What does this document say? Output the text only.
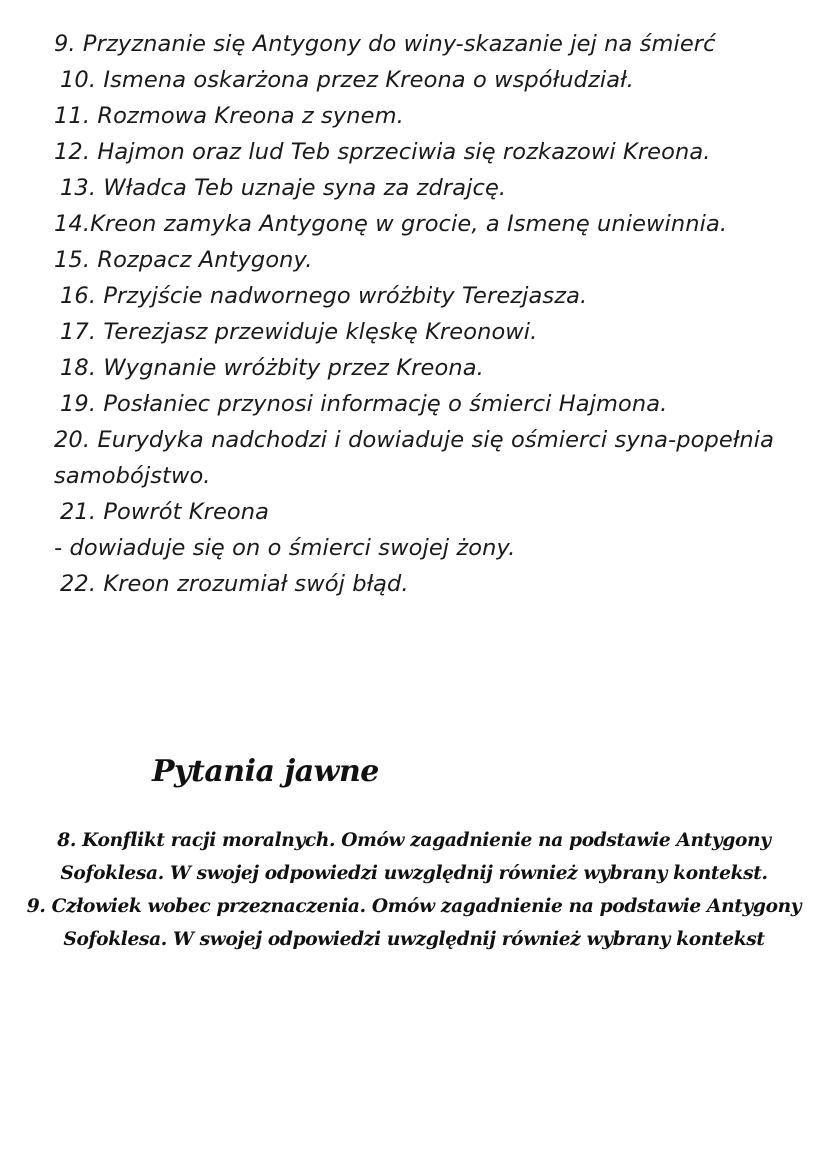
9. Przyznanie się Antygony do winy-skazanie jej na śmierć

10. Ismena oskarżona przez Kreona o współudział.

11. Rozmowa Kreona z synem.

12. Hajmon oraz lud Teb sprzeciwia się rozkazowi Kreona.

13. Władca Teb uznaje syna za zdrajcę.

14.Kreon zamyka Antygonę w grocie, a Ismenę uniewinnia.

15. Rozpacz Antygony.

16. Przyjście nadwornego wróżbity Terezjasza.

17. Terezjasz przewiduje klęskę Kreonowi.

18. Wygnanie wróżbity przez Kreona.

19. Posłaniec przynosi informację o śmierci Hajmona.

20. Eurydyka nadchodzi i dowiaduje się ośmierci syna-popełnia samobójstwo.

21. Powrót Kreona

- dowiaduje się on o śmierci swojej żony.

22. Kreon zrozumiał swój błąd.

Pytania jawne
8. Konflikt racji moralnych. Omów zagadnienie na podstawie Antygony
Sofoklesa. W swojej odpowiedzi uwzględnij również wybrany kontekst.
9. Człowiek wobec przeznaczenia. Omów zagadnienie na podstawie Antygony
Sofoklesa. W swojej odpowiedzi uwzględnij również wybrany kontekst
